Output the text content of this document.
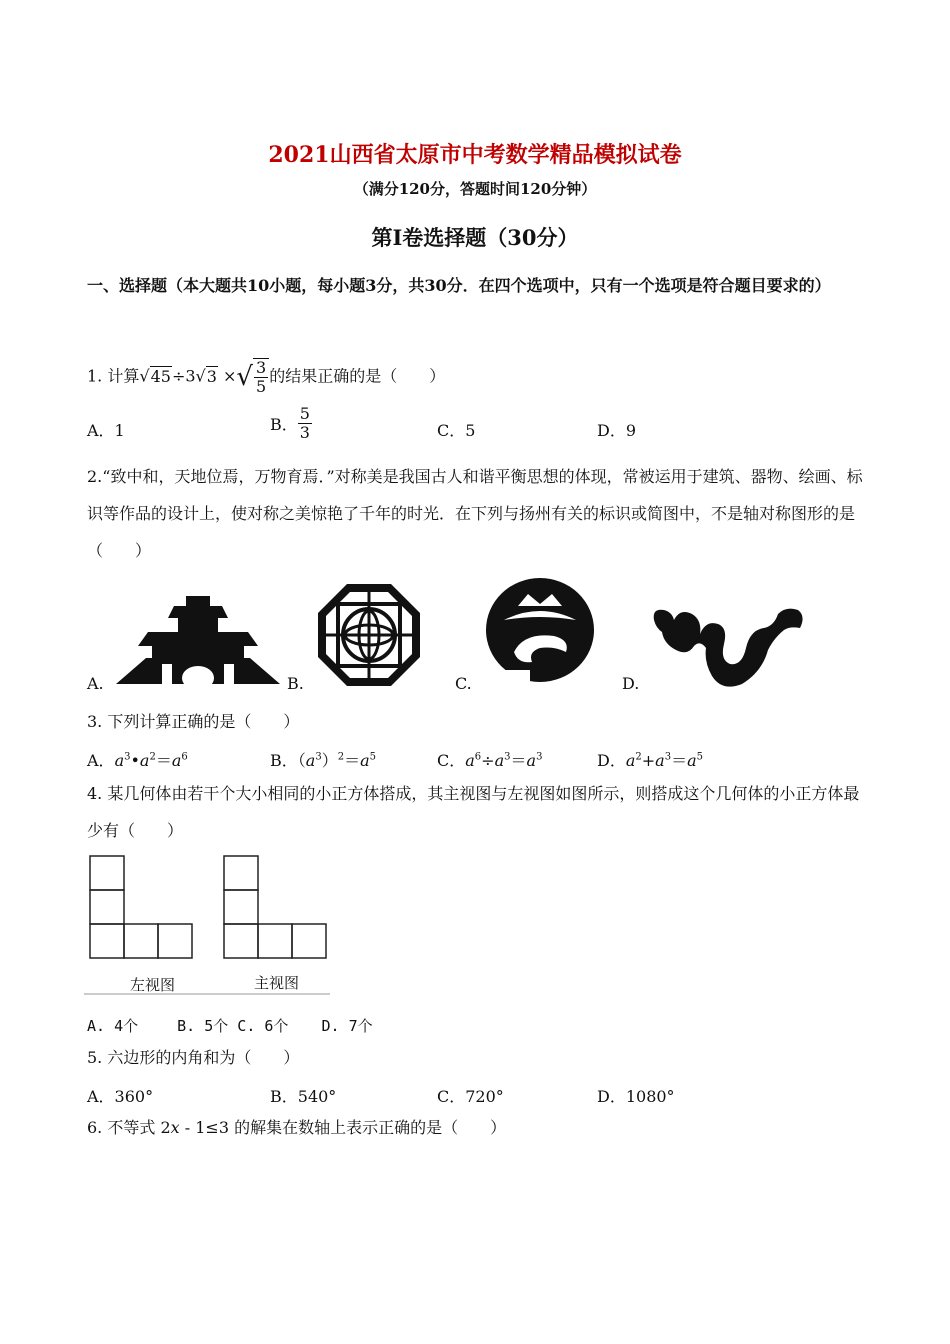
2021山西省太原市中考数学精品模拟试卷
（满分120分，答题时间120分钟）
第I卷选择题（30分）
一、选择题（本大题共10小题，每小题3分，共30分．在四个选项中，只有一个选项是符合题目要求的）
1. 计算√45÷3√3 ×√ $\frac{3}{5}$ 的结果正确的是（　　）
A．1	B． $\frac{5}{3}$	C．5	D．9
2.“致中和，天地位焉，万物育焉．”对称美是我国古人和谐平衡思想的体现，常被运用于建筑、器物、绘画、标识等作品的设计上，使对称之美惊艳了千年的时光．在下列与扬州有关的标识或简图中，不是轴对称图形的是（　　）
A.	B.	C.	D.
3. 下列计算正确的是（　　）
A．$a^3•a^2=a^6$	B．$(a^3)^2=a^5$	C．$a^6\div a^3=a^3$	D．$a^2+a^3=a^5$
4. 某几何体由若干个大小相同的小正方体搭成，其主视图与左视图如图所示，则搭成这个几何体的小正方体最少有（　　）
左视图	主视图
A. 4个　　 B. 5个 C. 6个 　 D. 7个
5. 六边形的内角和为（　　）
A．360°	B．540°	C．720°	D．1080°
6. 不等式 2x - 1≤3 的解集在数轴上表示正确的是（　　）
